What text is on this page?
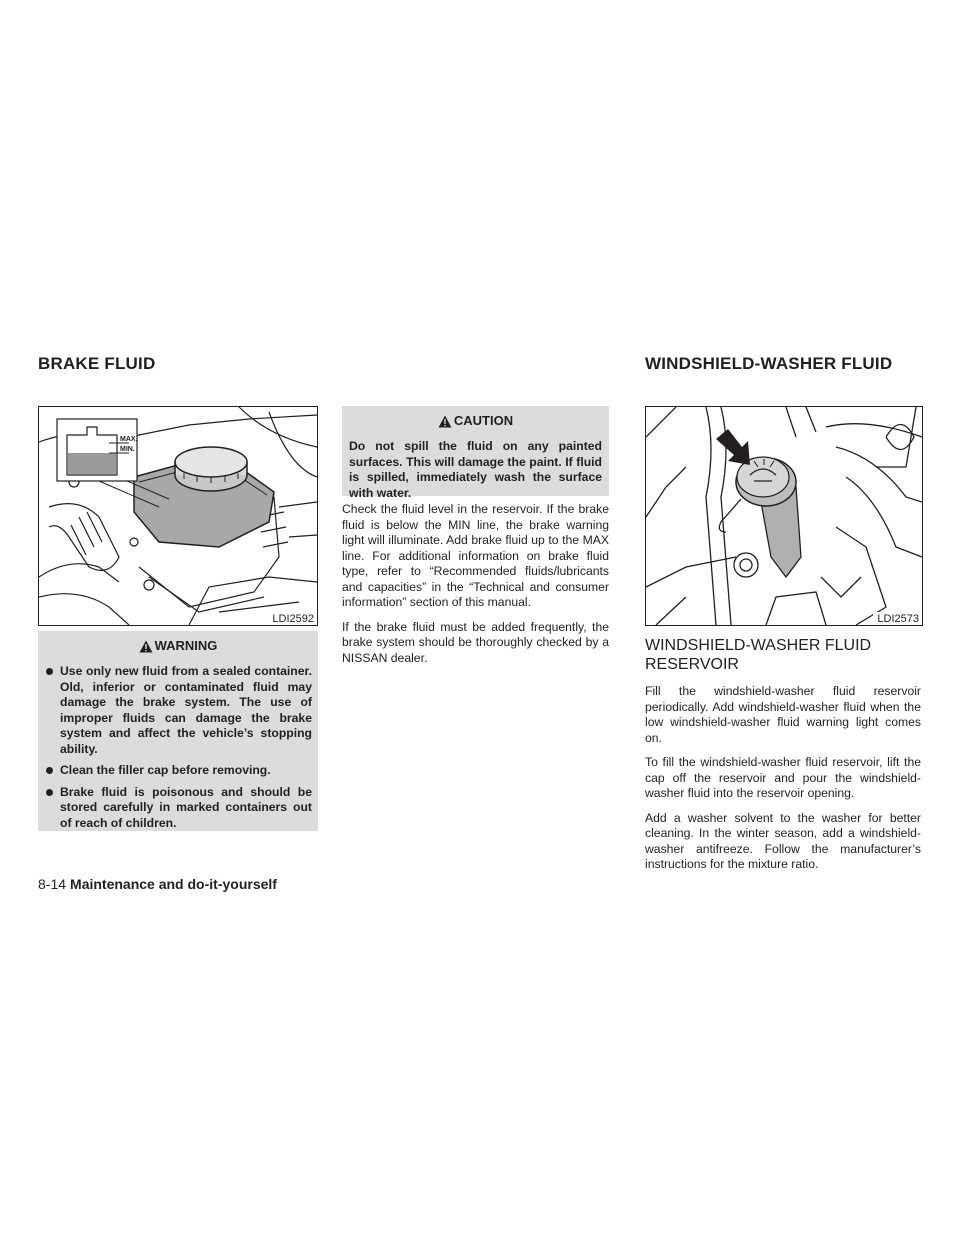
BRAKE FLUID	WINDSHIELD-WASHER FLUID
MAX.
MIN.
LDI2592
WARNING
Use only new fluid from a sealed container. Old, inferior or contaminated fluid may damage the brake system. The use of improper fluids can damage the brake system and affect the vehicle’s stopping ability.
Clean the filler cap before removing.
Brake fluid is poisonous and should be stored carefully in marked containers out of reach of children.
CAUTION
Do not spill the fluid on any painted surfaces. This will damage the paint. If fluid is spilled, immediately wash the surface with water.

Check the fluid level in the reservoir. If the brake fluid is below the MIN line, the brake warning light will illuminate. Add brake fluid up to the MAX line. For additional information on brake fluid type, refer to “Recommended fluids/lubricants and capacities” in the “Technical and consumer information” section of this manual.

If the brake fluid must be added frequently, the brake system should be thoroughly checked by a NISSAN dealer.

LDI2573
WINDSHIELD-WASHER FLUID RESERVOIR

Fill the windshield-washer fluid reservoir periodically. Add windshield-washer fluid when the low windshield-washer fluid warning light comes on.

To fill the windshield-washer fluid reservoir, lift the cap off the reservoir and pour the windshield-washer fluid into the reservoir opening.

Add a washer solvent to the washer for better cleaning. In the winter season, add a windshield-washer antifreeze. Follow the manufacturer’s instructions for the mixture ratio.

8-14 Maintenance and do-it-yourself
